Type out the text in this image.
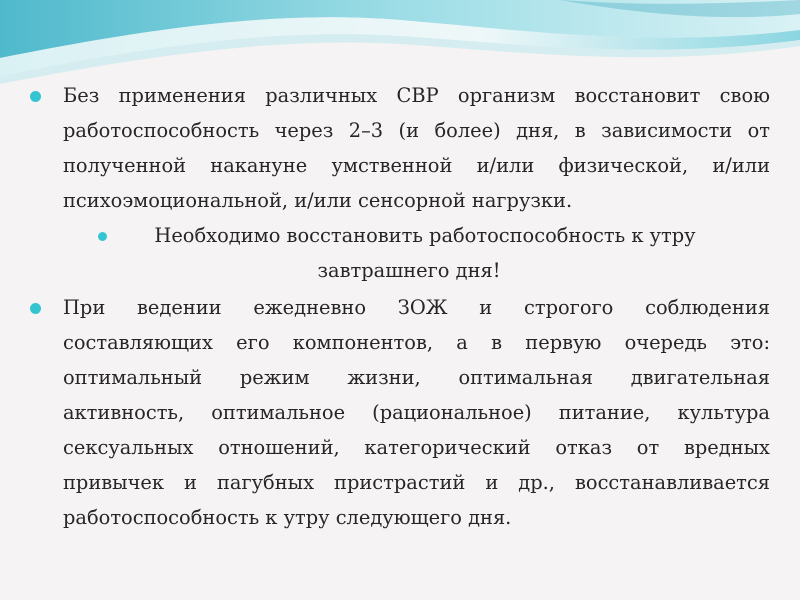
Без применения различных СВР организм восстановит свою работоспособность через 2–3 (и более) дня, в зависимости от полученной накануне умственной и/или физической, и/или психоэмоциональной, и/или сенсорной нагрузки.
Необходимо восстановить работоспособность к утру
завтрашнего дня!
При ведении ежедневно ЗОЖ и строгого соблюдения составляющих его компонентов, а в первую очередь это: оптимальный режим жизни, оптимальная двигательная активность, оптимальное (рациональное) питание, культура сексуальных отношений, категорический отказ от вредных привычек и пагубных пристрастий и др., восстанавливается работоспособность к утру следующего дня.
